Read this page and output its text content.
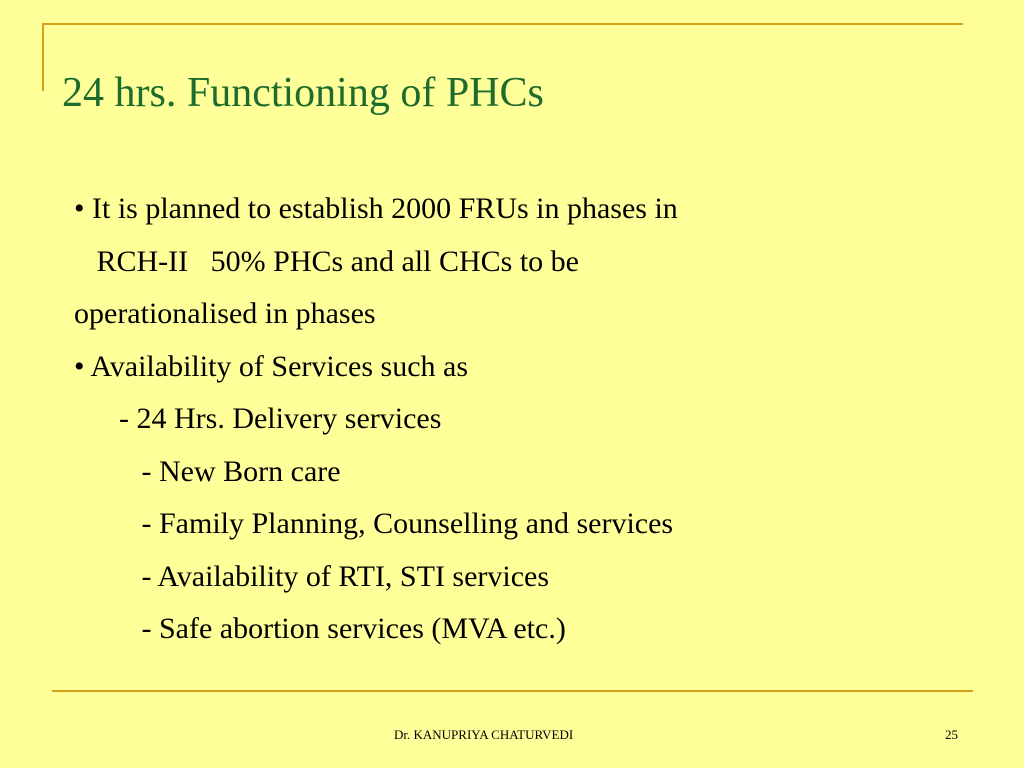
24 hrs. Functioning of PHCs
• It is planned to establish 2000 FRUs in phases in
RCH-II   50% PHCs and all CHCs to be
operationalised in phases
• Availability of Services such as
- 24 Hrs. Delivery services
- New Born care
- Family Planning, Counselling and services
- Availability of RTI, STI services
- Safe abortion services (MVA etc.)
Dr. KANUPRIYA CHATURVEDI	25
